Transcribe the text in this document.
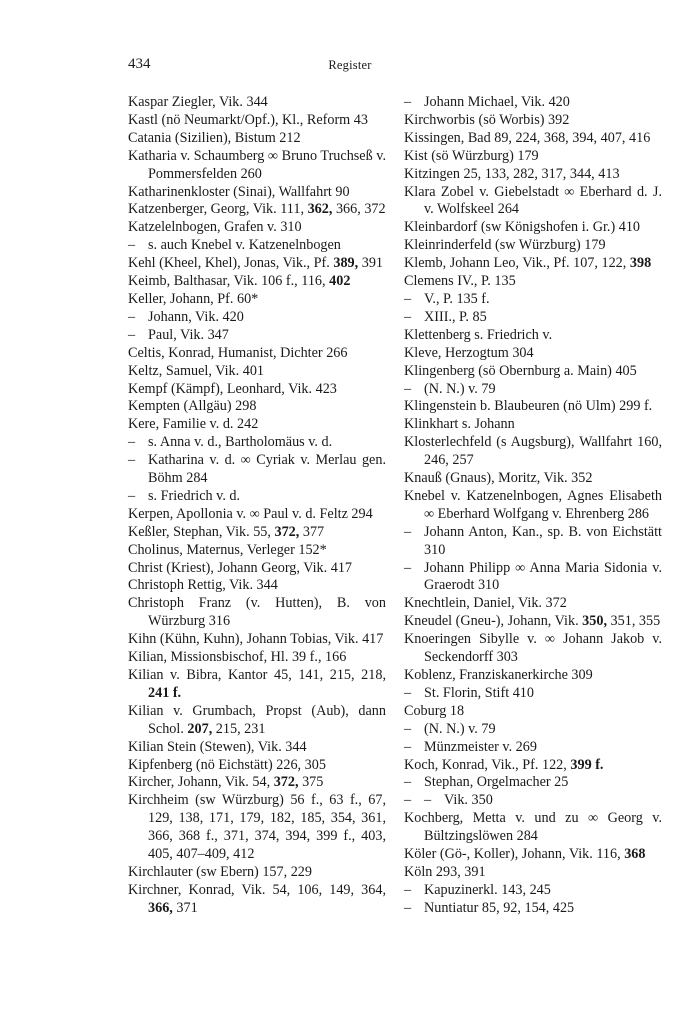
434	Register
Kaspar Ziegler, Vik. 344
Kastl (nö Neumarkt/Opf.), Kl., Reform 43
Catania (Sizilien), Bistum 212
Katharia v. Schaumberg ∞ Bruno Truchseß v. Pommersfelden 260
Katharinenkloster (Sinai), Wallfahrt 90
Katzenberger, Georg, Vik. 111, 362, 366, 372
Katzelelnbogen, Grafen v. 310
– s. auch Knebel v. Katzenelnbogen
Kehl (Kheel, Khel), Jonas, Vik., Pf. 389, 391
Keimb, Balthasar, Vik. 106 f., 116, 402
Keller, Johann, Pf. 60*
– Johann, Vik. 420
– Paul, Vik. 347
Celtis, Konrad, Humanist, Dichter 266
Keltz, Samuel, Vik. 401
Kempf (Kämpf), Leonhard, Vik. 423
Kempten (Allgäu) 298
Kere, Familie v. d. 242
– s. Anna v. d., Bartholomäus v. d.
– Katharina v. d. ∞ Cyriak v. Merlau gen. Böhm 284
– s. Friedrich v. d.
Kerpen, Apollonia v. ∞ Paul v. d. Feltz 294
Keßler, Stephan, Vik. 55, 372, 377
Cholinus, Maternus, Verleger 152*
Christ (Kriest), Johann Georg, Vik. 417
Christoph Rettig, Vik. 344
Christoph Franz (v. Hutten), B. von Würzburg 316
Kihn (Kühn, Kuhn), Johann Tobias, Vik. 417
Kilian, Missionsbischof, Hl. 39 f., 166
Kilian v. Bibra, Kantor 45, 141, 215, 218, 241 f.
Kilian v. Grumbach, Propst (Aub), dann Schol. 207, 215, 231
Kilian Stein (Stewen), Vik. 344
Kipfenberg (nö Eichstätt) 226, 305
Kircher, Johann, Vik. 54, 372, 375
Kirchheim (sw Würzburg) 56 f., 63 f., 67, 129, 138, 171, 179, 182, 185, 354, 361, 366, 368 f., 371, 374, 394, 399 f., 403, 405, 407–409, 412
Kirchlauter (sw Ebern) 157, 229
Kirchner, Konrad, Vik. 54, 106, 149, 364, 366, 371
– Johann Michael, Vik. 420
Kirchworbis (sö Worbis) 392
Kissingen, Bad 89, 224, 368, 394, 407, 416
Kist (sö Würzburg) 179
Kitzingen 25, 133, 282, 317, 344, 413
Klara Zobel v. Giebelstadt ∞ Eberhard d. J. v. Wolfskeel 264
Kleinbardorf (sw Königshofen i. Gr.) 410
Kleinrinderfeld (sw Würzburg) 179
Klemb, Johann Leo, Vik., Pf. 107, 122, 398
Clemens IV., P. 135
– V., P. 135 f.
– XIII., P. 85
Klettenberg s. Friedrich v.
Kleve, Herzogtum 304
Klingenberg (sö Obernburg a. Main) 405
– (N. N.) v. 79
Klingenstein b. Blaubeuren (nö Ulm) 299 f.
Klinkhart s. Johann
Klosterlechfeld (s Augsburg), Wallfahrt 160, 246, 257
Knauß (Gnaus), Moritz, Vik. 352
Knebel v. Katzenelnbogen, Agnes Elisabeth ∞ Eberhard Wolfgang v. Ehrenberg 286
– Johann Anton, Kan., sp. B. von Eichstätt 310
– Johann Philipp ∞ Anna Maria Sidonia v. Graerodt 310
Knechtlein, Daniel, Vik. 372
Kneudel (Gneu-), Johann, Vik. 350, 351, 355
Knoeringen Sibylle v. ∞ Johann Jakob v. Seckendorff 303
Koblenz, Franziskanerkirche 309
– St. Florin, Stift 410
Coburg 18
– (N. N.) v. 79
– Münzmeister v. 269
Koch, Konrad, Vik., Pf. 122, 399 f.
– Stephan, Orgelmacher 25
– – Vik. 350
Kochberg, Metta v. und zu ∞ Georg v. Bültzingslöwen 284
Köler (Gö-, Koller), Johann, Vik. 116, 368
Köln 293, 391
– Kapuzinerkl. 143, 245
– Nuntiatur 85, 92, 154, 425
